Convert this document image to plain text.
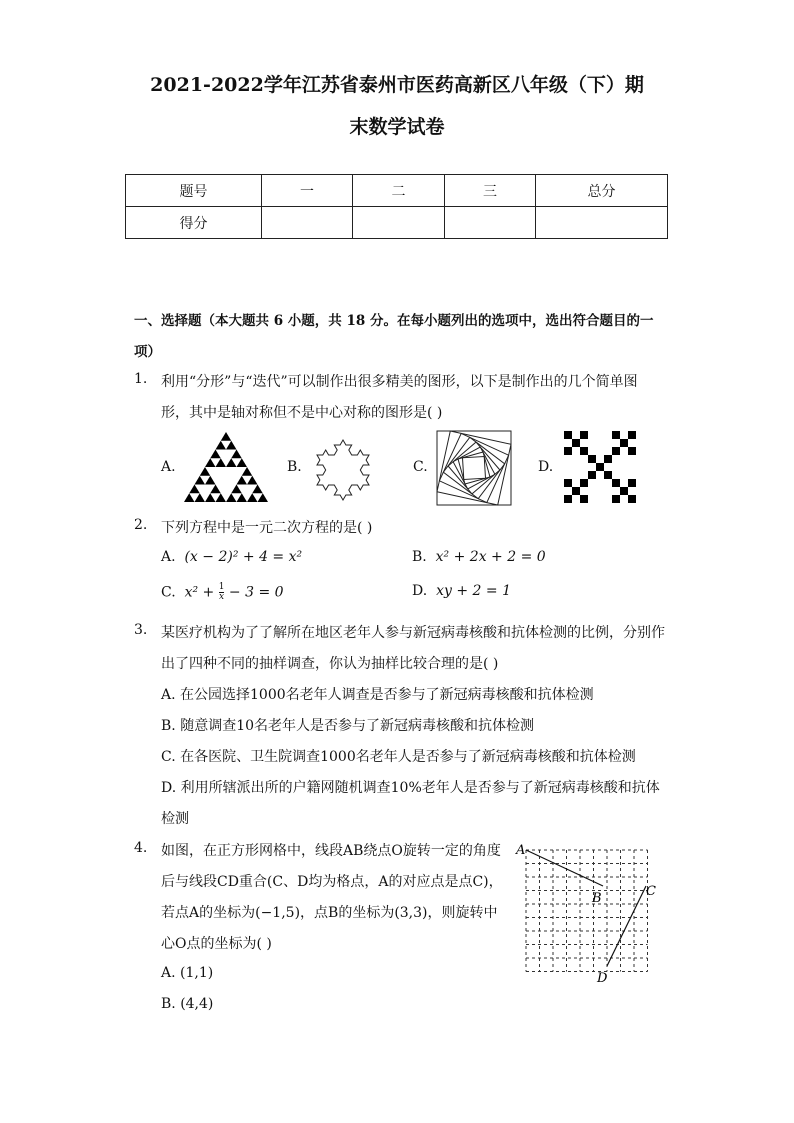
2021-2022学年江苏省泰州市医药高新区八年级（下）期
末数学试卷
题号	一	二	三	总分
得分				
一、选择题（本大题共 6 小题，共 18 分。在每小题列出的选项中，选出符合题目的一
项）
1. 利用“分形”与“迭代”可以制作出很多精美的图形，以下是制作出的几个简单图
形，其中是轴对称但不是中心对称的图形是( )
A.	B.	C.	D.
2. 下列方程中是一元二次方程的是( )
A. (x − 2)² + 4 = x²	B. x² + 2x + 2 = 0
C. $x^2 + \frac{1}{x} - 3 = 0$	D. xy + 2 = 1
3. 某医疗机构为了了解所在地区老年人参与新冠病毒核酸和抗体检测的比例，分别作
出了四种不同的抽样调查，你认为抽样比较合理的是( )
A. 在公园选择1000名老年人调查是否参与了新冠病毒核酸和抗体检测
B. 随意调查10名老年人是否参与了新冠病毒核酸和抗体检测
C. 在各医院、卫生院调查1000名老年人是否参与了新冠病毒核酸和抗体检测
D. 利用所辖派出所的户籍网随机调查10%老年人是否参与了新冠病毒核酸和抗体
检测
4. 如图，在正方形网格中，线段AB绕点O旋转一定的角度
后与线段CD重合(C、D均为格点，A的对应点是点C)，
若点A的坐标为(−1,5)，点B的坐标为(3,3)，则旋转中
心O点的坐标为( )
A. (1,1)
B. (4,4)
A
B	C
D
